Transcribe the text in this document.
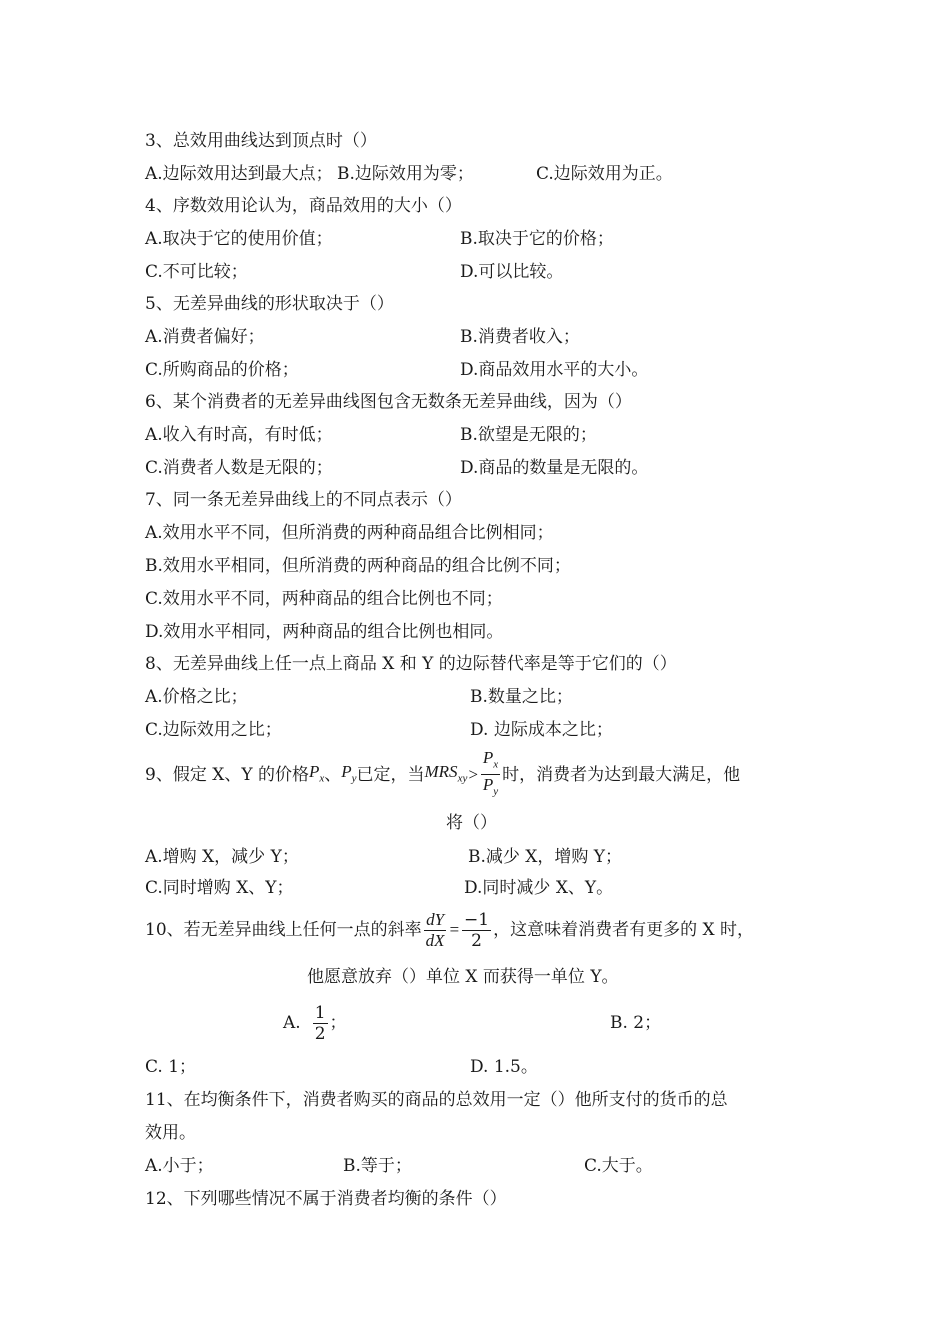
3、总效用曲线达到顶点时（）
A.边际效用达到最大点； B.边际效用为零；	C.边际效用为正。
4、序数效用论认为，商品效用的大小（）
A.取决于它的使用价值；	B.取决于它的价格；
C.不可比较；	D.可以比较。
5、无差异曲线的形状取决于（）
A.消费者偏好；	B.消费者收入；
C.所购商品的价格；	D.商品效用水平的大小。
6、某个消费者的无差异曲线图包含无数条无差异曲线，因为（）
A.收入有时高，有时低；	B.欲望是无限的；
C.消费者人数是无限的；	D.商品的数量是无限的。
7、同一条无差异曲线上的不同点表示（）
A.效用水平不同，但所消费的两种商品组合比例相同；
B.效用水平相同，但所消费的两种商品的组合比例不同；
C.效用水平不同，两种商品的组合比例也不同；
D.效用水平相同，两种商品的组合比例也相同。
8、无差异曲线上任一点上商品 X 和 Y 的边际替代率是等于它们的（）
A.价格之比；	B.数量之比；
C.边际效用之比；	D. 边际成本之比；
9、假定 X、Y 的价格 $P_x$ 、 $P_y$ 已定，当 $MRS_{xy} > \frac{P_x}{P_y}$ 时，消费者为达到最大满足，他
将（）
A.增购 X，减少 Y；	B.减少 X，增购 Y；
C.同时增购 X、Y；	D.同时减少 X、Y。
10、若无差异曲线上任何一点的斜率 $\frac{dY}{dX} = \frac{-1}{2}$ ，这意味着消费者有更多的 X 时，
他愿意放弃（）单位 X 而获得一单位 Y。
A. $\frac{1}{2}$ ；	B. 2；
C. 1；	D. 1.5。
11、在均衡条件下，消费者购买的商品的总效用一定（）他所支付的货币的总
效用。
A.小于；	B.等于；	C.大于。
12、下列哪些情况不属于消费者均衡的条件（）
